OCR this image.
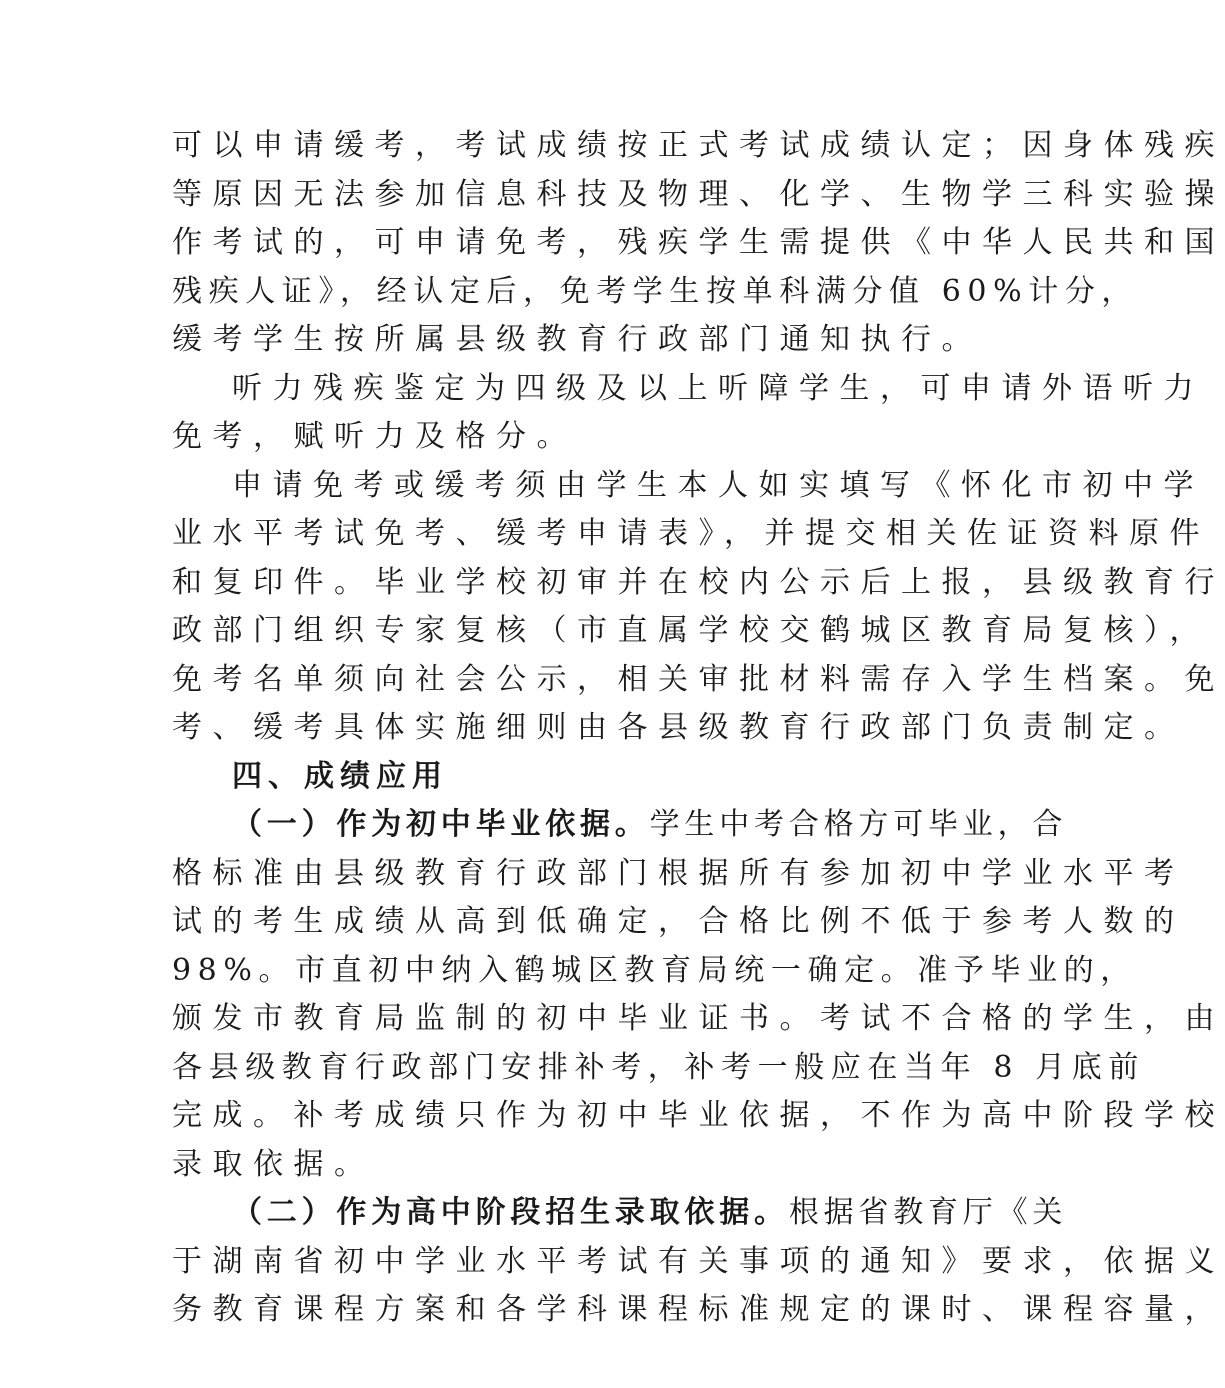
可以申请缓考，考试成绩按正式考试成绩认定；因身体残疾
等原因无法参加信息科技及物理、化学、生物学三科实验操
作考试的，可申请免考，残疾学生需提供《中华人民共和国
残疾人证》，经认定后，免考学生按单科满分值 60%计分，
缓考学生按所属县级教育行政部门通知执行。
听力残疾鉴定为四级及以上听障学生，可申请外语听力
免考，赋听力及格分。
申请免考或缓考须由学生本人如实填写《怀化市初中学
业水平考试免考、缓考申请表》，并提交相关佐证资料原件
和复印件。毕业学校初审并在校内公示后上报，县级教育行
政部门组织专家复核（市直属学校交鹤城区教育局复核），
免考名单须向社会公示，相关审批材料需存入学生档案。免
考、缓考具体实施细则由各县级教育行政部门负责制定。
四、成绩应用
（一）作为初中毕业依据。学生中考合格方可毕业，合
格标准由县级教育行政部门根据所有参加初中学业水平考
试的考生成绩从高到低确定，合格比例不低于参考人数的
98%。市直初中纳入鹤城区教育局统一确定。准予毕业的，
颁发市教育局监制的初中毕业证书。考试不合格的学生，由
各县级教育行政部门安排补考，补考一般应在当年 8 月底前
完成。补考成绩只作为初中毕业依据，不作为高中阶段学校
录取依据。
（二）作为高中阶段招生录取依据。根据省教育厅《关
于湖南省初中学业水平考试有关事项的通知》要求，依据义
务教育课程方案和各学科课程标准规定的课时、课程容量，
